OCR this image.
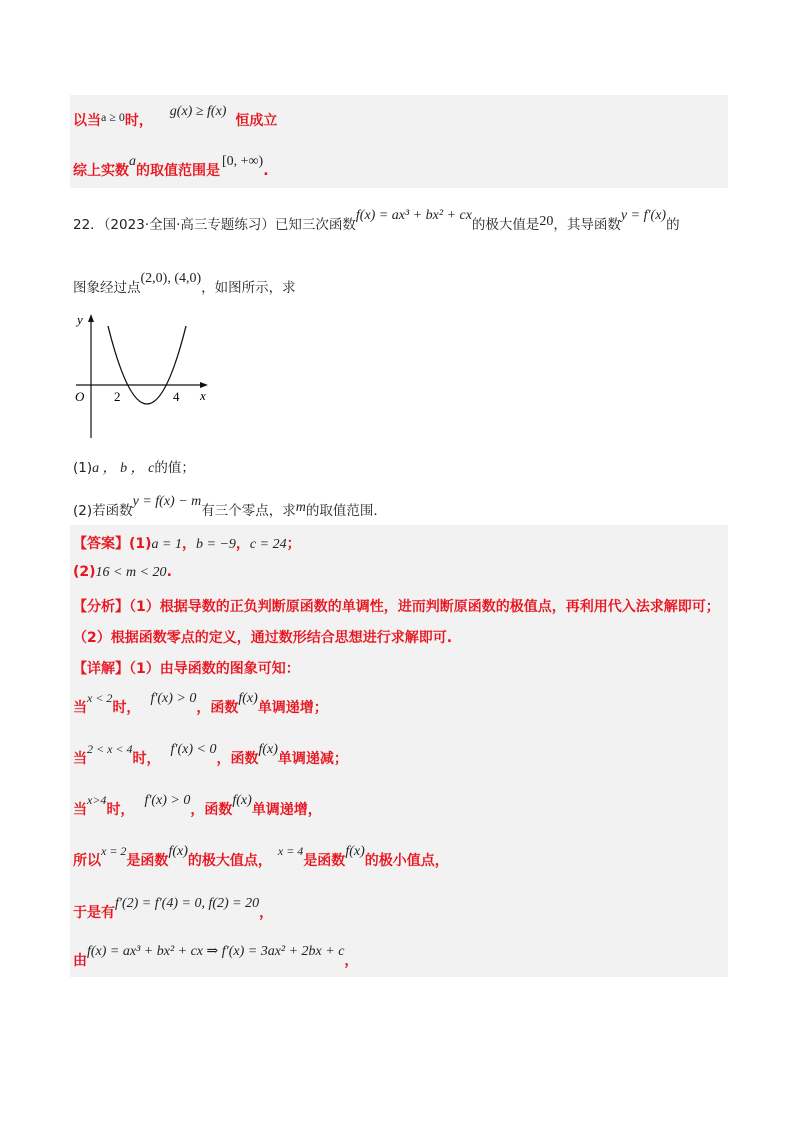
以当a ≥ 0时， g(x) ≥ f(x) 恒成立
综上实数a的取值范围是[0, +∞).
22．（2023·全国·高三专题练习）已知三次函数f(x) = ax³ + bx² + cx的极大值是20，其导函数y = f′(x)的
图象经过点(2,0), (4,0)，如图所示，求
y
x
O 2	4
(1)a ， b ， c的值；
(2)若函数y = f(x) − m有三个零点，求m的取值范围.
【答案】(1)a = 1，b = −9，c = 24；
(2)16 < m < 20.
【分析】（1）根据导数的正负判断原函数的单调性，进而判断原函数的极值点，再利用代入法求解即可；
（2）根据函数零点的定义，通过数形结合思想进行求解即可.
【详解】（1）由导函数的图象可知：
当x < 2时，f′(x) > 0，函数f(x)单调递增；
当2 < x < 4时，f′(x) < 0，函数f(x)单调递减；
当x>4时，f′(x) > 0，函数f(x)单调递增，
所以x = 2是函数f(x)的极大值点，x = 4是函数f(x)的极小值点，
于是有f′(2) = f′(4) = 0, f(2) = 20，
由f(x) = ax³ + bx² + cx ⇒ f′(x) = 3ax² + 2bx + c，
